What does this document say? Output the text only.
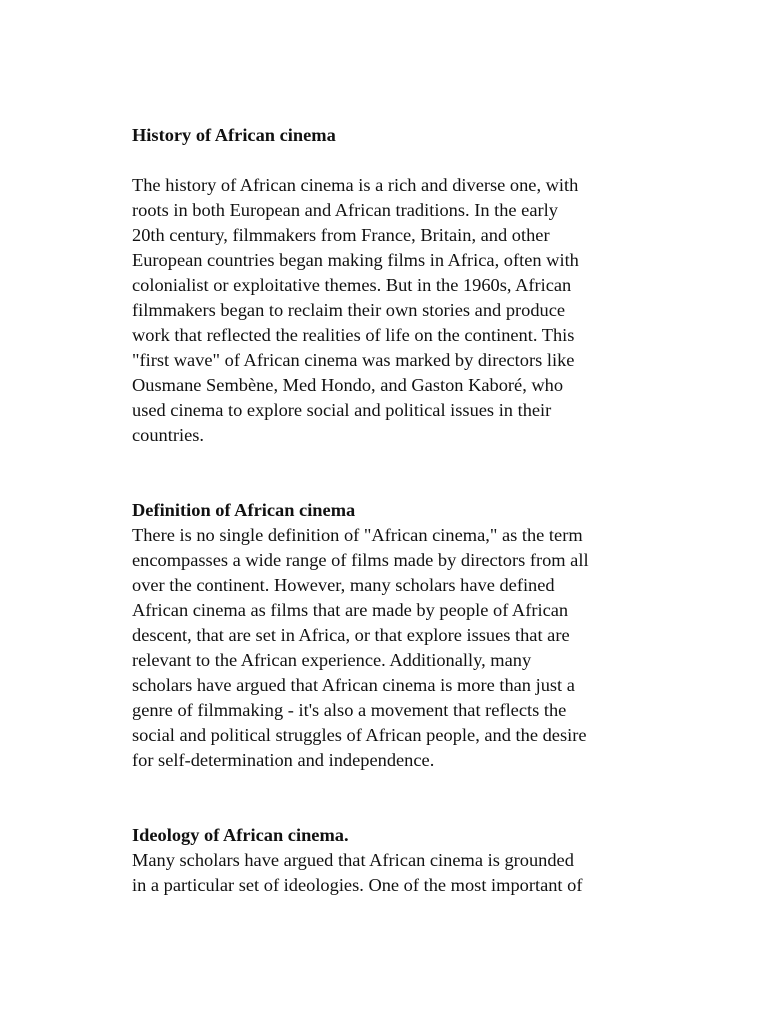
History of African cinema

The history of African cinema is a rich and diverse one, with

roots in both European and African traditions. In the early

20th century, filmmakers from France, Britain, and other

European countries began making films in Africa, often with

colonialist or exploitative themes. But in the 1960s, African

filmmakers began to reclaim their own stories and produce

work that reflected the realities of life on the continent. This

"first wave" of African cinema was marked by directors like

Ousmane Sembène, Med Hondo, and Gaston Kaboré, who

used cinema to explore social and political issues in their

countries.

Definition of African cinema

There is no single definition of "African cinema," as the term

encompasses a wide range of films made by directors from all

over the continent. However, many scholars have defined

African cinema as films that are made by people of African

descent, that are set in Africa, or that explore issues that are

relevant to the African experience. Additionally, many

scholars have argued that African cinema is more than just a

genre of filmmaking - it's also a movement that reflects the

social and political struggles of African people, and the desire

for self-determination and independence.

Ideology of African cinema.

Many scholars have argued that African cinema is grounded

in a particular set of ideologies. One of the most important of
